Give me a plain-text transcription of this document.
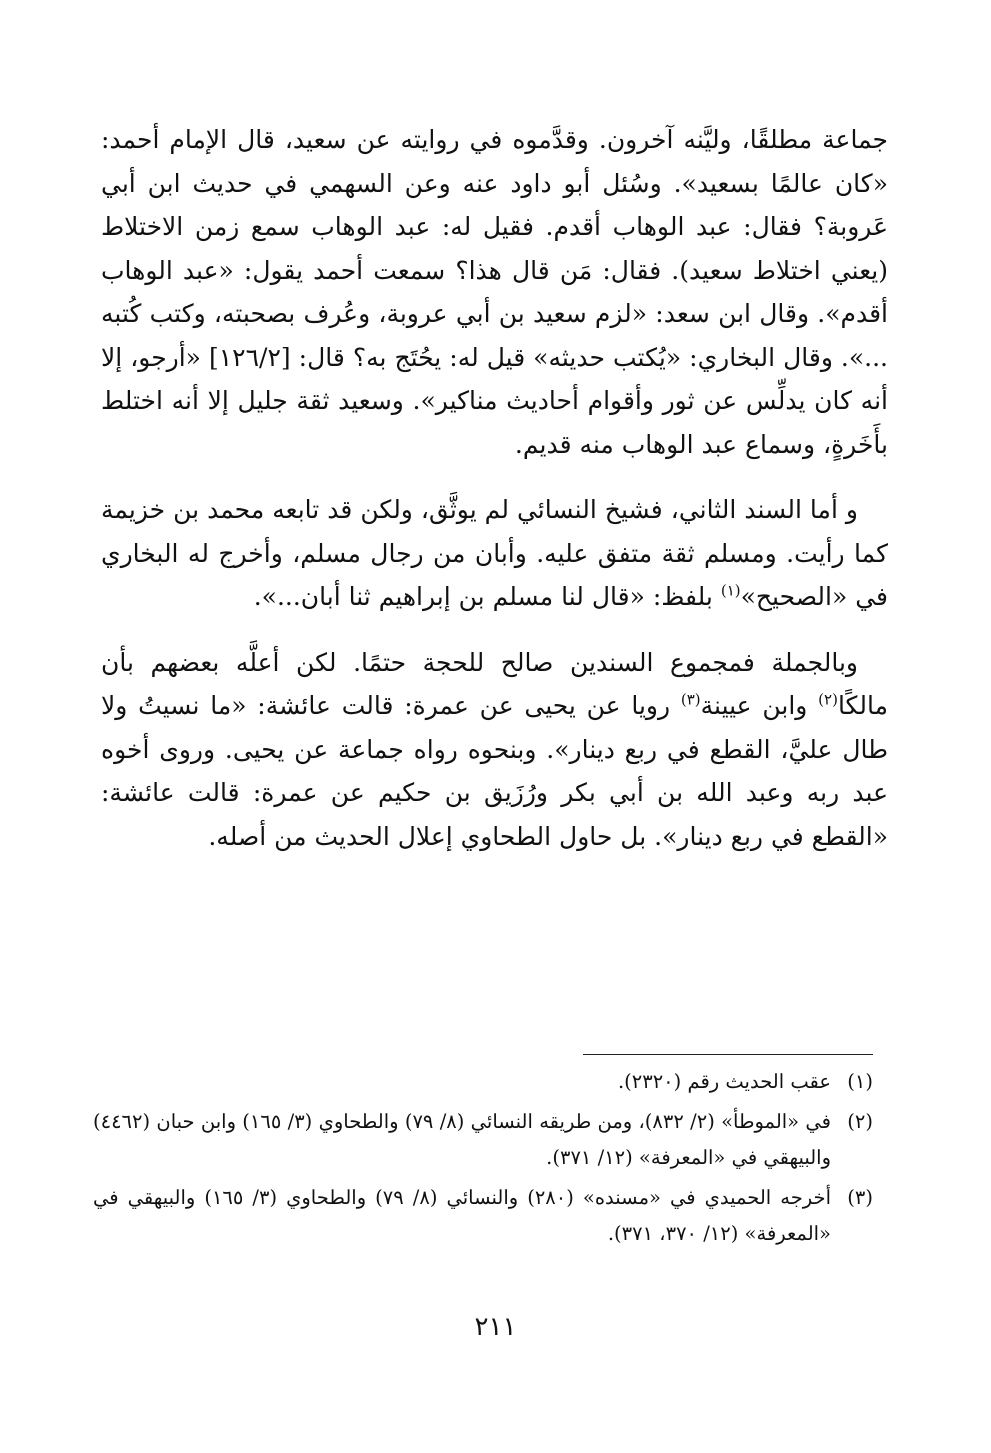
جماعة مطلقًا، وليَّنه آخرون. وقدَّموه في روايته عن سعيد، قال الإمام أحمد: «كان عالمًا بسعيد». وسُئل أبو داود عنه وعن السهمي في حديث ابن أبي عَروبة؟ فقال: عبد الوهاب أقدم. فقيل له: عبد الوهاب سمع زمن الاختلاط (يعني اختلاط سعيد). فقال: مَن قال هذا؟ سمعت أحمد يقول: «عبد الوهاب أقدم». وقال ابن سعد: «لزم سعيد بن أبي عروبة، وعُرف بصحبته، وكتب كُتبه ...». وقال البخاري: «يُكتب حديثه» قيل له: يحُتَج به؟ قال: [١٢٦/٢] «أرجو، إلا أنه كان يدلِّس عن ثور وأقوام أحاديث مناكير». وسعيد ثقة جليل إلا أنه اختلط بأَخَرةٍ، وسماع عبد الوهاب منه قديم.

و أما السند الثاني، فشيخ النسائي لم يوثَّق، ولكن قد تابعه محمد بن خزيمة كما رأيت. ومسلم ثقة متفق عليه. وأبان من رجال مسلم، وأخرج له البخاري في «الصحيح»$^{(١)}$ بلفظ: «قال لنا مسلم بن إبراهيم ثنا أبان...».

وبالجملة فمجموع السندين صالح للحجة حتمًا. لكن أعلَّه بعضهم بأن مالكًا$^{(٢)}$ وابن عيينة$^{(٣)}$ رويا عن يحيى عن عمرة: قالت عائشة: «ما نسيتُ ولا طال عليَّ، القطع في ربع دينار». وبنحوه رواه جماعة عن يحيى. وروى أخوه عبد ربه وعبد الله بن أبي بكر ورُزَيق بن حكيم عن عمرة: قالت عائشة: «القطع في ربع دينار». بل حاول الطحاوي إعلال الحديث من أصله.

(١)
عقب الحديث رقم (٢٣٢٠).
(٢)
في «الموطأ» (٢/ ٨٣٢)، ومن طريقه النسائي (٨/ ٧٩) والطحاوي (٣/ ١٦٥) وابن حبان (٤٤٦٢) والبيهقي في «المعرفة» (١٢/ ٣٧١).
(٣)
أخرجه الحميدي في «مسنده» (٢٨٠) والنسائي (٨/ ٧٩) والطحاوي (٣/ ١٦٥) والبيهقي في «المعرفة» (١٢/ ٣٧٠، ٣٧١).
٢١١
